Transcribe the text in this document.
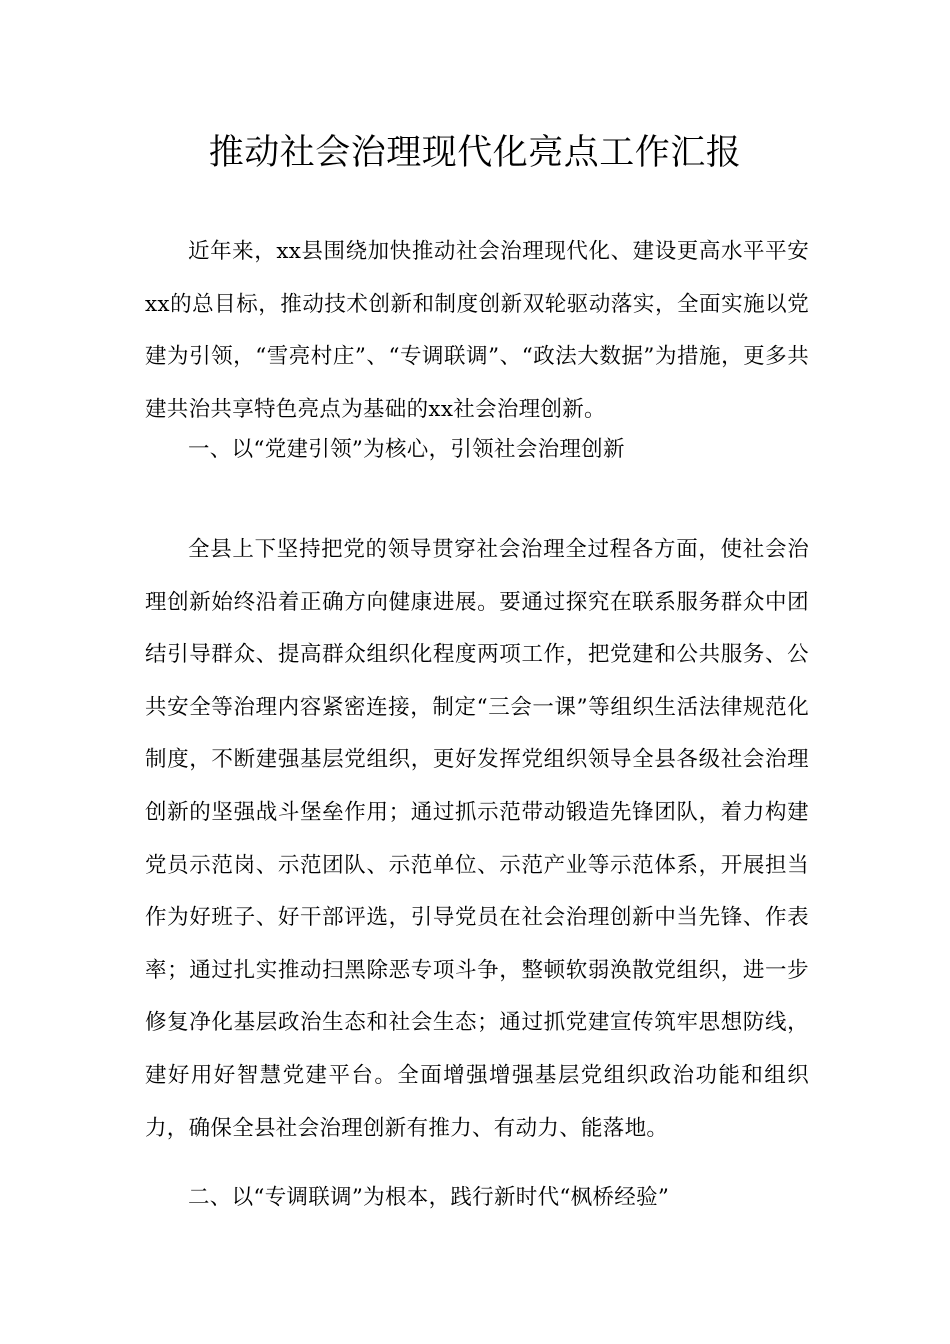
推动社会治理现代化亮点工作汇报

近年来，xx县围绕加快推动社会治理现代化、建设更高水平平安xx的总目标，推动技术创新和制度创新双轮驱动落实，全面实施以党建为引领，“雪亮村庄”、“专调联调”、“政法大数据”为措施，更多共建共治共享特色亮点为基础的xx社会治理创新。

一、以“党建引领”为核心，引领社会治理创新

全县上下坚持把党的领导贯穿社会治理全过程各方面，使社会治理创新始终沿着正确方向健康进展。要通过探究在联系服务群众中团结引导群众、提高群众组织化程度两项工作，把党建和公共服务、公共安全等治理内容紧密连接，制定“三会一课”等组织生活法律规范化制度，不断建强基层党组织，更好发挥党组织领导全县各级社会治理创新的坚强战斗堡垒作用；通过抓示范带动锻造先锋团队，着力构建党员示范岗、示范团队、示范单位、示范产业等示范体系，开展担当作为好班子、好干部评选，引导党员在社会治理创新中当先锋、作表率；通过扎实推动扫黑除恶专项斗争，整顿软弱涣散党组织，进一步修复净化基层政治生态和社会生态；通过抓党建宣传筑牢思想防线，建好用好智慧党建平台。全面增强增强基层党组织政治功能和组织力，确保全县社会治理创新有推力、有动力、能落地。

二、以“专调联调”为根本，践行新时代“枫桥经验”
